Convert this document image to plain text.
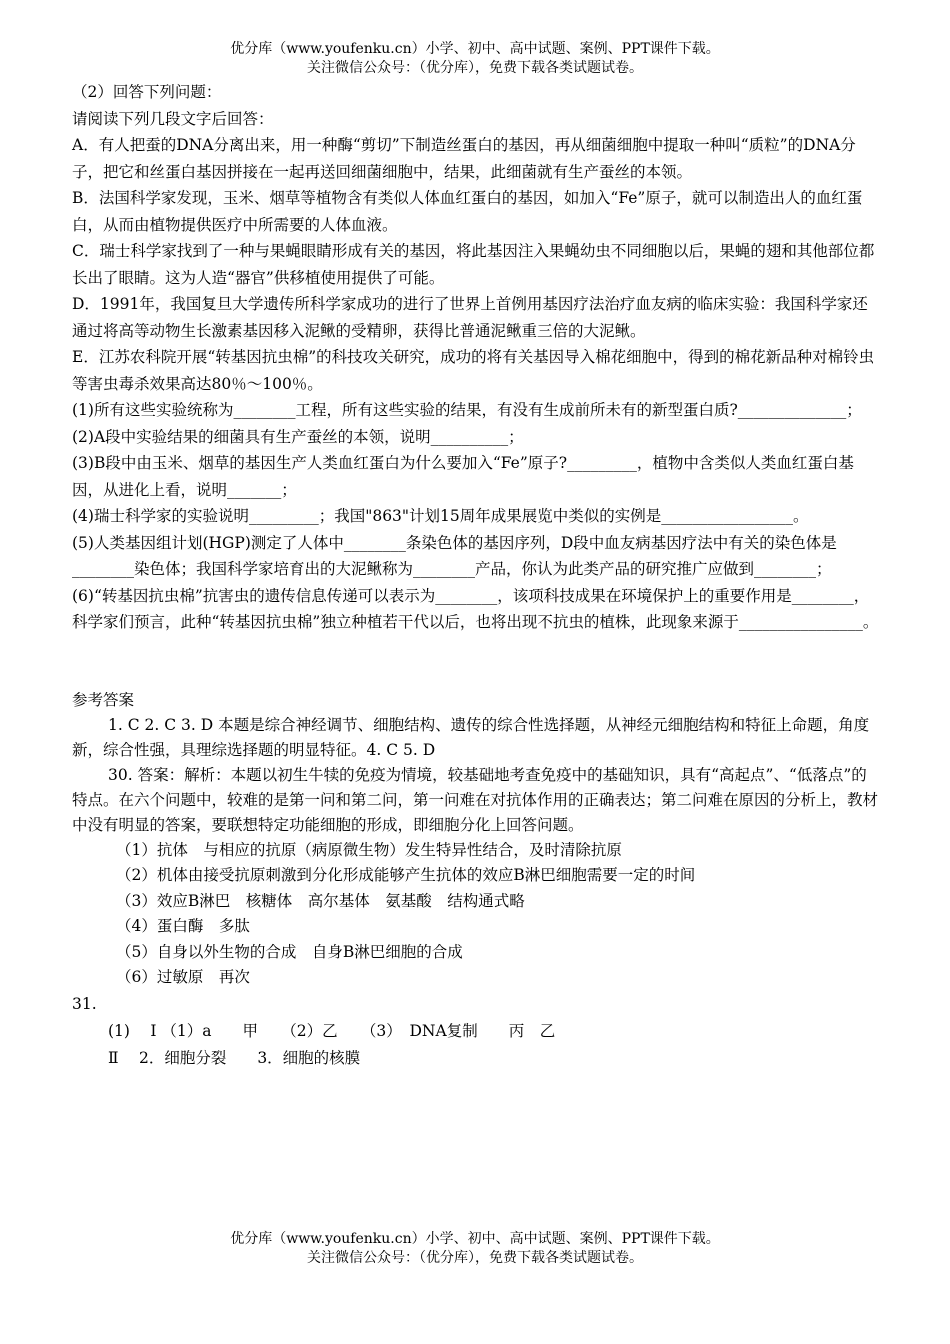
优分库（www.youfenku.cn）小学、初中、高中试题、案例、PPT课件下载。
关注微信公众号：（优分库），免费下载各类试题试卷。

（2）回答下列问题：

请阅读下列几段文字后回答：

A．有人把蚕的DNA分离出来，用一种酶“剪切”下制造丝蛋白的基因，再从细菌细胞中提取一种叫“质粒”的DNA分子，把它和丝蛋白基因拼接在一起再送回细菌细胞中，结果，此细菌就有生产蚕丝的本领。

B．法国科学家发现，玉米、烟草等植物含有类似人体血红蛋白的基因，如加入“Fe”原子，就可以制造出人的血红蛋白，从而由植物提供医疗中所需要的人体血液。

C．瑞士科学家找到了一种与果蝇眼睛形成有关的基因，将此基因注入果蝇幼虫不同细胞以后，果蝇的翅和其他部位都长出了眼睛。这为人造“器官”供移植使用提供了可能。

D．1991年，我国复旦大学遗传所科学家成功的进行了世界上首例用基因疗法治疗血友病的临床实验：我国科学家还通过将高等动物生长激素基因移入泥鳅的受精卵，获得比普通泥鳅重三倍的大泥鳅。

E．江苏农科院开展“转基因抗虫棉”的科技攻关研究，成功的将有关基因导入棉花细胞中，得到的棉花新品种对棉铃虫等害虫毒杀效果高达80％～100％。

(1)所有这些实验统称为________工程，所有这些实验的结果，有没有生成前所未有的新型蛋白质?______________；

(2)A段中实验结果的细菌具有生产蚕丝的本领，说明__________；

(3)B段中由玉米、烟草的基因生产人类血红蛋白为什么要加入“Fe”原子?_________，植物中含类似人类血红蛋白基因，从进化上看，说明_______；

(4)瑞士科学家的实验说明_________；我国"863"计划15周年成果展览中类似的实例是_________________。

(5)人类基因组计划(HGP)测定了人体中________条染色体的基因序列，D段中血友病基因疗法中有关的染色体是________染色体；我国科学家培育出的大泥鳅称为________产品，你认为此类产品的研究推广应做到________；

(6)“转基因抗虫棉”抗害虫的遗传信息传递可以表示为________，该项科技成果在环境保护上的重要作用是________，科学家们预言，此种“转基因抗虫棉”独立种植若干代以后，也将出现不抗虫的植株，此现象来源于________________。

参考答案

1. C 2. C 3. D 本题是综合神经调节、细胞结构、遗传的综合性选择题，从神经元细胞结构和特征上命题，角度新，综合性强，具理综选择题的明显特征。4. C 5. D

30. 答案：解析：本题以初生牛犊的免疫为情境，较基础地考查免疫中的基础知识，具有“高起点”、“低落点”的特点。在六个问题中，较难的是第一问和第二问，第一问难在对抗体作用的正确表达；第二问难在原因的分析上，教材中没有明显的答案，要联想特定功能细胞的形成，即细胞分化上回答问题。

（1）抗体　与相应的抗原（病原微生物）发生特异性结合，及时清除抗原

（2）机体由接受抗原刺激到分化形成能够产生抗体的效应B淋巴细胞需要一定的时间

（3）效应B淋巴　核糖体　高尔基体　氨基酸　结构通式略

（4）蛋白酶　多肽

（5）自身以外生物的合成　自身B淋巴细胞的合成

（6）过敏原　再次

31.

(1)　 Ⅰ （1）a　　甲　　（2）乙　　（3）　DNA复制　　丙　乙

Ⅱ　 2．细胞分裂　　3．细胞的核膜

优分库（www.youfenku.cn）小学、初中、高中试题、案例、PPT课件下载。
关注微信公众号：（优分库），免费下载各类试题试卷。
